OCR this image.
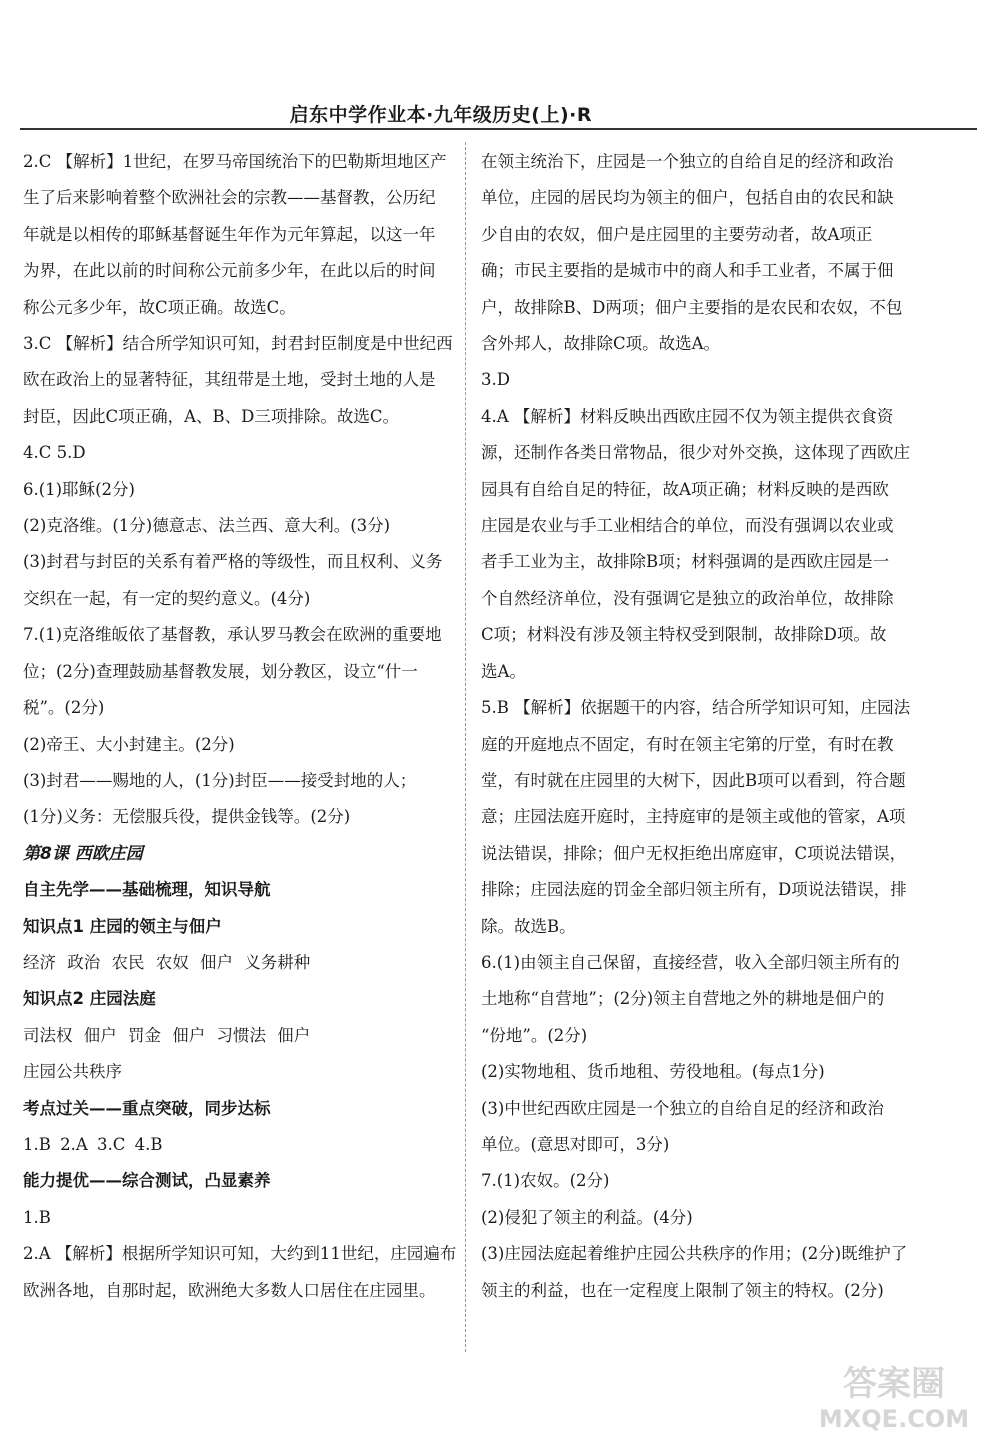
启东中学作业本·九年级历史(上)·R

2.C 【解析】1世纪，在罗马帝国统治下的巴勒斯坦地区产
生了后来影响着整个欧洲社会的宗教——基督教，公历纪
年就是以相传的耶稣基督诞生年作为元年算起，以这一年
为界，在此以前的时间称公元前多少年，在此以后的时间
称公元多少年，故C项正确。故选C。

3.C 【解析】结合所学知识可知，封君封臣制度是中世纪西
欧在政治上的显著特征，其纽带是土地，受封土地的人是
封臣，因此C项正确，A、B、D三项排除。故选C。

4.C 5.D

6.(1)耶稣(2分)
(2)克洛维。(1分)德意志、法兰西、意大利。(3分)
(3)封君与封臣的关系有着严格的等级性，而且权利、义务
交织在一起，有一定的契约意义。(4分)

7.(1)克洛维皈依了基督教，承认罗马教会在欧洲的重要地
位；(2分)查理鼓励基督教发展，划分教区，设立“什一
税”。(2分)
(2)帝王、大小封建主。(2分)
(3)封君——赐地的人，(1分)封臣——接受封地的人；
(1分)义务：无偿服兵役，提供金钱等。(2分)

第8课 西欧庄园

自主先学——基础梳理，知识导航

知识点1 庄园的领主与佃户

经济 政治 农民 农奴 佃户 义务耕种

知识点2 庄园法庭

司法权 佃户 罚金 佃户 习惯法 佃户

庄园公共秩序

考点过关——重点突破，同步达标

1.B 2.A 3.C 4.B

能力提优——综合测试，凸显素养

1.B

2.A 【解析】根据所学知识可知，大约到11世纪，庄园遍布
欧洲各地，自那时起，欧洲绝大多数人口居住在庄园里。

在领主统治下，庄园是一个独立的自给自足的经济和政治
单位，庄园的居民均为领主的佃户，包括自由的农民和缺
少自由的农奴，佃户是庄园里的主要劳动者，故A项正
确；市民主要指的是城市中的商人和手工业者，不属于佃
户，故排除B、D两项；佃户主要指的是农民和农奴，不包
含外邦人，故排除C项。故选A。

3.D

4.A 【解析】材料反映出西欧庄园不仅为领主提供衣食资
源，还制作各类日常物品，很少对外交换，这体现了西欧庄
园具有自给自足的特征，故A项正确；材料反映的是西欧
庄园是农业与手工业相结合的单位，而没有强调以农业或
者手工业为主，故排除B项；材料强调的是西欧庄园是一
个自然经济单位，没有强调它是独立的政治单位，故排除
C项；材料没有涉及领主特权受到限制，故排除D项。故
选A。

5.B 【解析】依据题干的内容，结合所学知识可知，庄园法
庭的开庭地点不固定，有时在领主宅第的厅堂，有时在教
堂，有时就在庄园里的大树下，因此B项可以看到，符合题
意；庄园法庭开庭时，主持庭审的是领主或他的管家，A项
说法错误，排除；佃户无权拒绝出席庭审，C项说法错误，
排除；庄园法庭的罚金全部归领主所有，D项说法错误，排
除。故选B。

6.(1)由领主自己保留，直接经营，收入全部归领主所有的
土地称“自营地”；(2分)领主自营地之外的耕地是佃户的
“份地”。(2分)
(2)实物地租、货币地租、劳役地租。(每点1分)
(3)中世纪西欧庄园是一个独立的自给自足的经济和政治
单位。(意思对即可，3分)

7.(1)农奴。(2分)
(2)侵犯了领主的利益。(4分)
(3)庄园法庭起着维护庄园公共秩序的作用；(2分)既维护了
领主的利益，也在一定程度上限制了领主的特权。(2分)

答案圈
MXQE.COM
